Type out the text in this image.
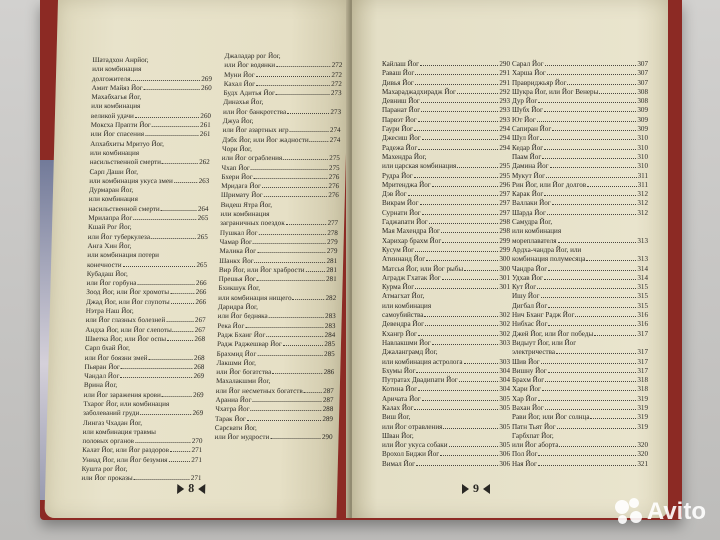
Шатадхон Анрйог,
или комбинация
долгожителя	269
Амит Майяз Йог	260
Махабхагья Йог,
или комбинация
великой удачи	260
Моксха Прапти Йог	261
или Йог спасения	261
Апхабхиты Мритуо Йог,
или комбинация
насильственной смерти	262
Сарп Даши Йог,
или комбинация укуса змеи	263
Дурмаран Йог,
или комбинация
насильственной смерти	264
Мрилапра Йог	265
Кшай Рог Йог,
или Йог туберкулеза	265
Анга Хин Йог,
или комбинация потери
конечности	265
Кубадаш Йог,
или Йог горбуна	266
Зоод Йог, или Йог хромоты	266
Джад Йог, или Йог глупоты	266
Нэтра Наш Йог,
или Йог глазных болезней	267
Андха Йог, или Йог слепоты	267
Шветка Йог, или Йог оспы	268
Сарп бхай Йог,
или Йог боязни змей	268
Пьяран Йог	268
Чандал Йог	269
Врина Йог,
или Йог заражения крови	269
Тхарог Йог, или комбинация
заболеваний груди	269
Лингаз Чхадан Йог,
или комбинация травмы
половых органов	270
Калат Йог, или Йог раздоров	271
Униад Йог, или Йог безумия	271
Кушта рог Йог,
или Йог проказы	271
Джаладар рог Йог,
или Йог водянки	272
Муни Йог	272
Кахал Йог	272
Будх Адитья Йог	273
Динахья Йог,
или Йог банкротства	273
Джуа Йог,
или Йог азартных игр	274
Дэбх Йог, или Йог жадности	274
Чори Йог,
или Йог ограбления	275
Чхап Йог	275
Бхери Йог	276
Мридага Йог	276
Шримату Йог	276
Видеш Ятра Йог,
или комбинация
заграничных поездок	277
Пушкал Йог	278
Чамар Йог	279
Малика Йог	279
Шанкх Йог	281
Вир Йог, или Йог храбрости	281
Прешья Йог	281
Бхикшук Йог,
или комбинация нищего	282
Даридра Йог,
или Йог бедняка	283
Река Йог	283
Радж Бхаиг Йог	284
Радж Раджешвар Йог	285
Брахмид Йог	285
Лакшми Йог,
или Йог богатства	286
Махалакшми Йог,
или Йог несметных богатств	287
Араниа Йог	287
Чхатра Йог	288
Тарак Йог	289
Сарсвати Йог,
или Йог мудрости	290
8
Кайлаш Йог	290
Раваш Йог	291
Дивья Йог	291
Махараджадхирадж Йог	292
Девниш Йог	293
Паранат Йог	293
Парвэт Йог	293
Гаури Йог	294
Джесиш Йог	294
Радежа Йог	294
Махендра Йог,
или царская комбинация	295
Рудра Йог	295
Мритенджа Йог	296
Дэв Йог	297
Викрам Йог	297
Сурнати Йог	297
Гаджапати Йог	298
Мая Махендра Йог	298
Харихар брахм Йог	299
Кусум Йог	299
Атиннанд Йог	300
Матсья Йог, или Йог рыбы	300
Аградж Гхатак Йог	301
Курма Йог	301
Атмагхат Йог,
или комбинация
самоубийства	302
Девендра Йог	302
Кхангр Йог	302
Навлакшми Йог	303
Джаланграмд Йог,
или комбинация астролога	303
Бхумы Йог	304
Путратах Двадипати Йог	304
Котина Йог	304
Аричата Йог	305
Калах Йог	305
Виш Йог,
или Йог отравления	305
Шван Йог,
или Йог укуса собаки	305
Врохол Биджи Йог	306
Вимал Йог	306
Сарал Йог	307
Харша Йог	307
Правриджьяр Йог	307
Шукра Йог, или Йог Венеры	308
Дур Йог	308
Шубх Йог	309
Ют Йог	309
Сапиран Йог	309
Шул Йог	310
Кедар Йог	310
Паам Йог	310
Дамина Йог	310
Мукут Йог	311
Рин Йог, или Йог долгов	311
Карак Йог	312
Валлаки Йог	312
Шарда Йог	312
Самудра Йог,
или комбинация
мореплавателя	313
Ардха-чандра Йог, или
комбинация полумесяца	313
Чандра Йог	314
Удхав Йог	314
Кут Йог	315
Ишу Йог	315
Дигбал Йог	315
Нич Бханг Радж Йог	316
Нибхас Йог	316
Джей Йог, или Йог победы	317
Видыут Йог, или Йог
электричества	317
Шив Йог	317
Вишну Йог	317
Брахм Йог	318
Хари Йог	318
Хар Йог	319
Вахан Йог	319
Рави Йог, или Йог солнца	319
Патн Тьят Йог	319
Гарбхпат Йог,
или Йог аборта	320
Пол Йог	320
Ная Йог	321
9
Avito
